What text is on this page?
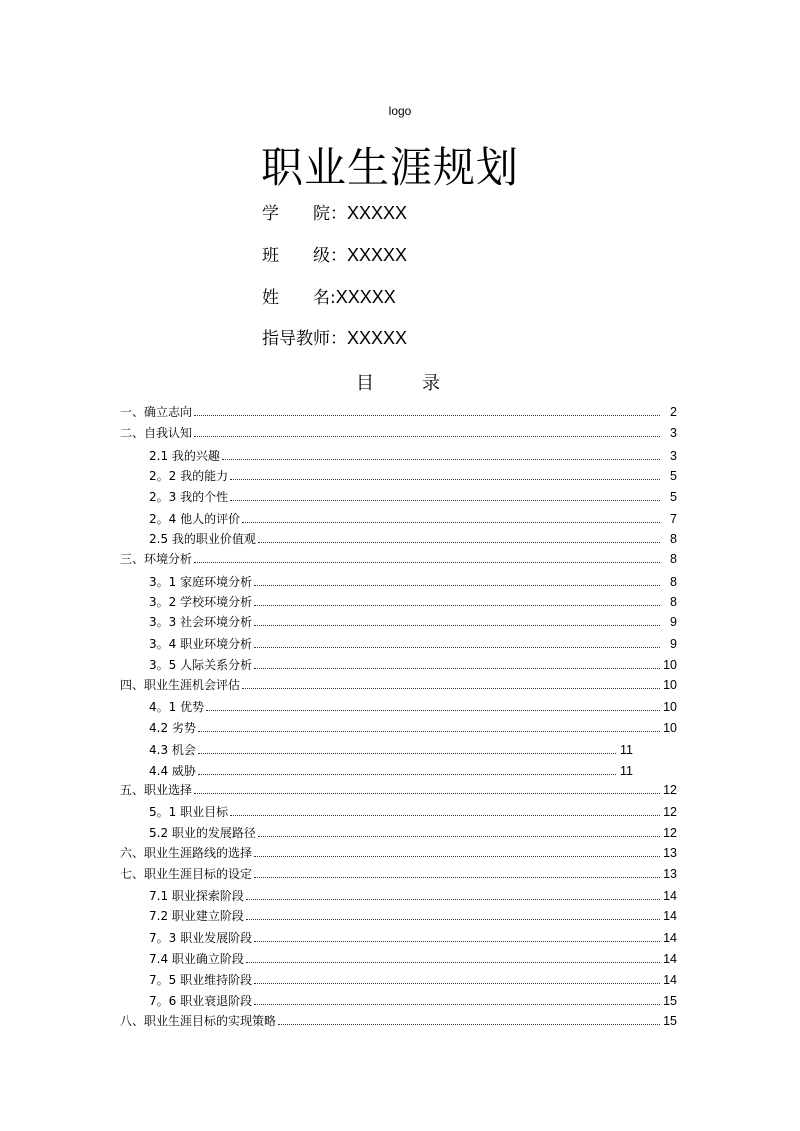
logo
职业生涯规划
学　　院：XXXXX
班　　级：XXXXX
姓　　名:XXXXX
指导教师：XXXXX
目	录
一、确立志向	2
二、自我认知	3
2.1 我的兴趣	3
2。2 我的能力	5
2。3 我的个性	5
2。4 他人的评价	7
2.5 我的职业价值观	8
三、环境分析	8
3。1 家庭环境分析	8
3。2 学校环境分析	8
3。3 社会环境分析	9
3。4 职业环境分析	9
3。5 人际关系分析	10
四、职业生涯机会评估	10
4。1 优势	10
4.2 劣势	10
4.3 机会	11
4.4 威胁	11
五、职业选择	12
5。1 职业目标	12
5.2 职业的发展路径	12
六、职业生涯路线的选择	13
七、职业生涯目标的设定	13
7.1 职业探索阶段	14
7.2 职业建立阶段	14
7。3 职业发展阶段	14
7.4 职业确立阶段	14
7。5 职业维持阶段	14
7。6 职业衰退阶段	15
八、职业生涯目标的实现策略	15
